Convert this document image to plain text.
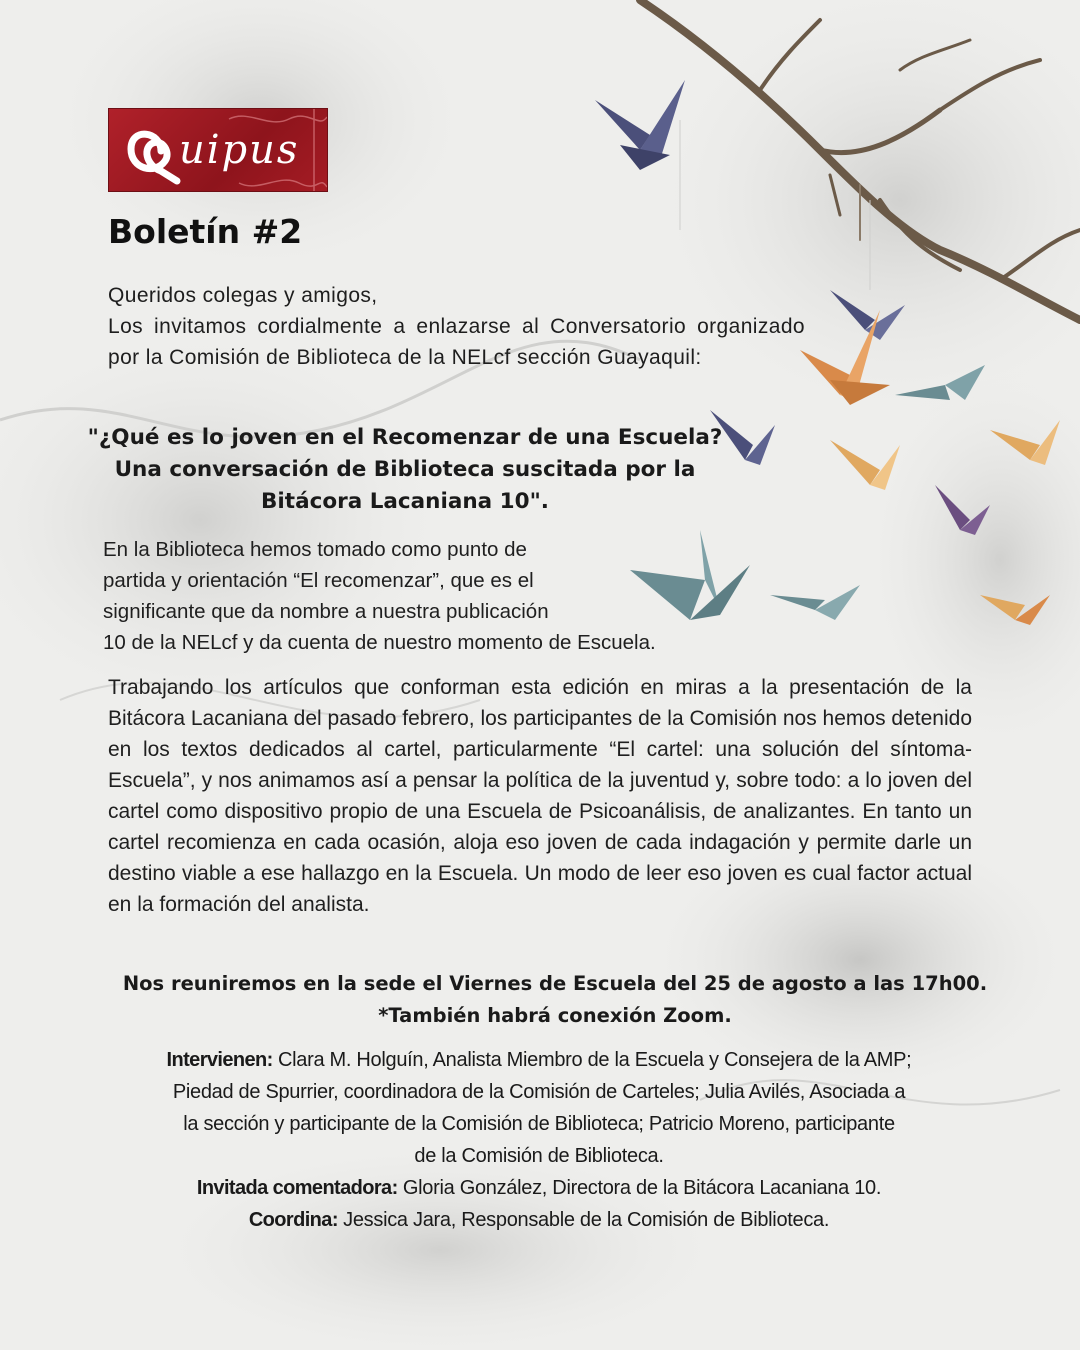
uipus
Boletín #2

Queridos colegas y amigos,

Los invitamos cordialmente a enlazarse al Conversatorio organizado por la Comisión de Biblioteca de la NELcf sección Guayaquil:

"¿Qué es lo joven en el Recomenzar de una Escuela?
Una conversación de Biblioteca suscitada por la
Bitácora Lacaniana 10".
En la Biblioteca hemos tomado como punto de
partida y orientación “El recomenzar”, que es el
significante que da nombre a nuestra publicación
10 de la NELcf y da cuenta de nuestro momento de Escuela.

Trabajando los artículos que conforman esta edición en miras a la presentación de la Bitácora Lacaniana del pasado febrero, los participantes de la Comisión nos hemos detenido en los textos dedicados al cartel, particularmente “El cartel: una solución del síntoma-Escuela”, y nos animamos así a pensar la política de la juventud y, sobre todo: a lo joven del cartel como dispositivo propio de una Escuela de Psicoanálisis, de analizantes. En tanto un cartel recomienza en cada ocasión, aloja eso joven de cada indagación y permite darle un destino viable a ese hallazgo en la Escuela. Un modo de leer eso joven es cual factor actual en la formación del analista.

Nos reuniremos en la sede el Viernes de Escuela del 25 de agosto a las 17h00.
*También habrá conexión Zoom.
Intervienen: Clara M. Holguín, Analista Miembro de la Escuela y Consejera de la AMP;
Piedad de Spurrier, coordinadora de la Comisión de Carteles; Julia Avilés, Asociada a
la sección y participante de la Comisión de Biblioteca; Patricio Moreno, participante
de la Comisión de Biblioteca.
Invitada comentadora: Gloria González, Directora de la Bitácora Lacaniana 10.
Coordina: Jessica Jara, Responsable de la Comisión de Biblioteca.
